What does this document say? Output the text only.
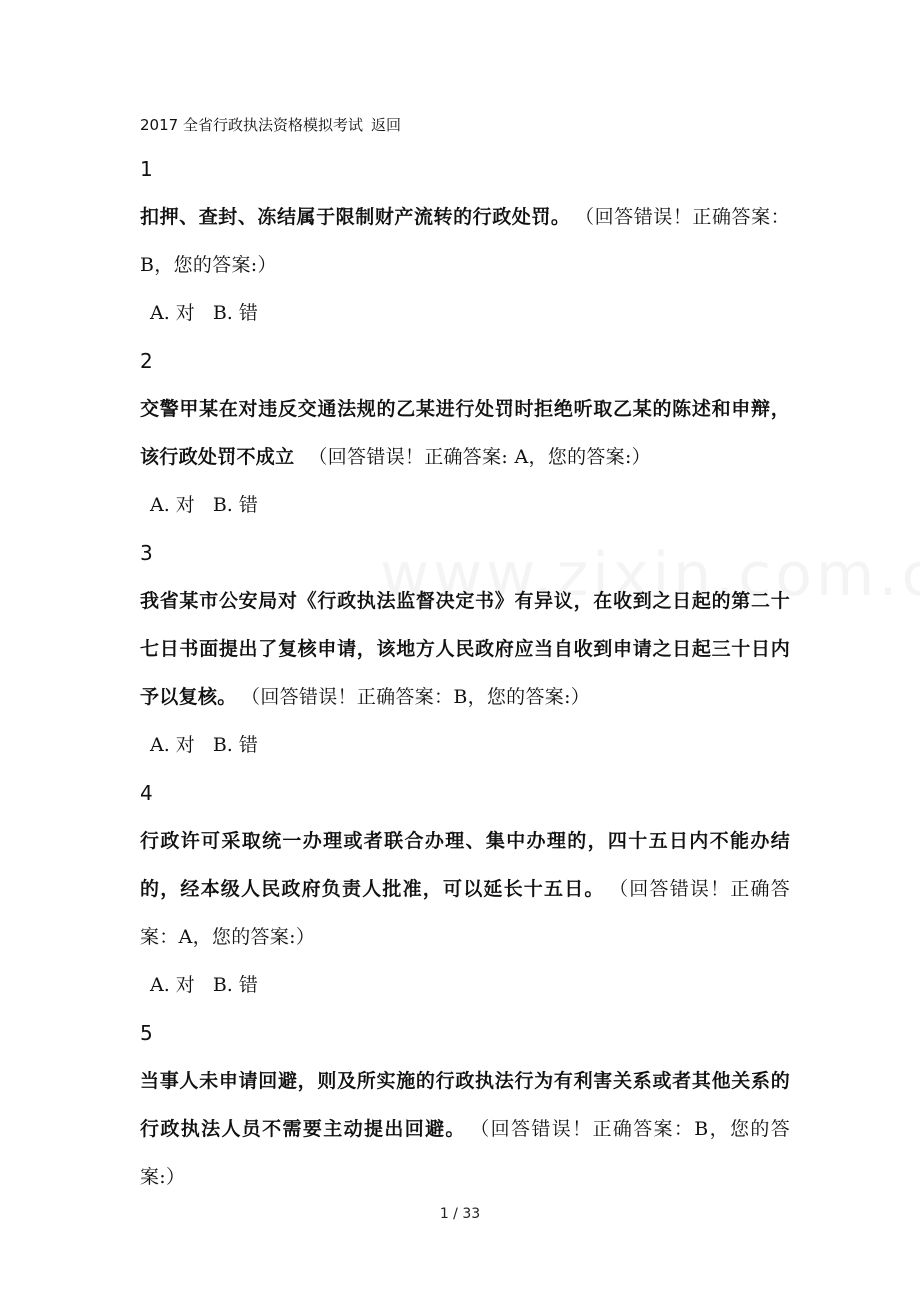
2017 全省行政执法资格模拟考试 返回
1
扣押、查封、冻结属于限制财产流转的行政处罚。 （回答错误！正确答案：B，您的答案:）
A. 对 B. 错
2
交警甲某在对违反交通法规的乙某进行处罚时拒绝听取乙某的陈述和申辩，该行政处罚不成立 （回答错误！正确答案: A，您的答案:）
A. 对 B. 错
3
我省某市公安局对《行政执法监督决定书》有异议，在收到之日起的第二十七日书面提出了复核申请，该地方人民政府应当自收到申请之日起三十日内予以复核。 （回答错误！正确答案：B，您的答案:）
A. 对 B. 错
4
行政许可采取统一办理或者联合办理、集中办理的，四十五日内不能办结的，经本级人民政府负责人批准，可以延长十五日。 （回答错误！正确答案：A，您的答案:）
A. 对 B. 错
5
当事人未申请回避，则及所实施的行政执法行为有利害关系或者其他关系的行政执法人员不需要主动提出回避。 （回答错误！正确答案：B，您的答案:）
1 / 33
